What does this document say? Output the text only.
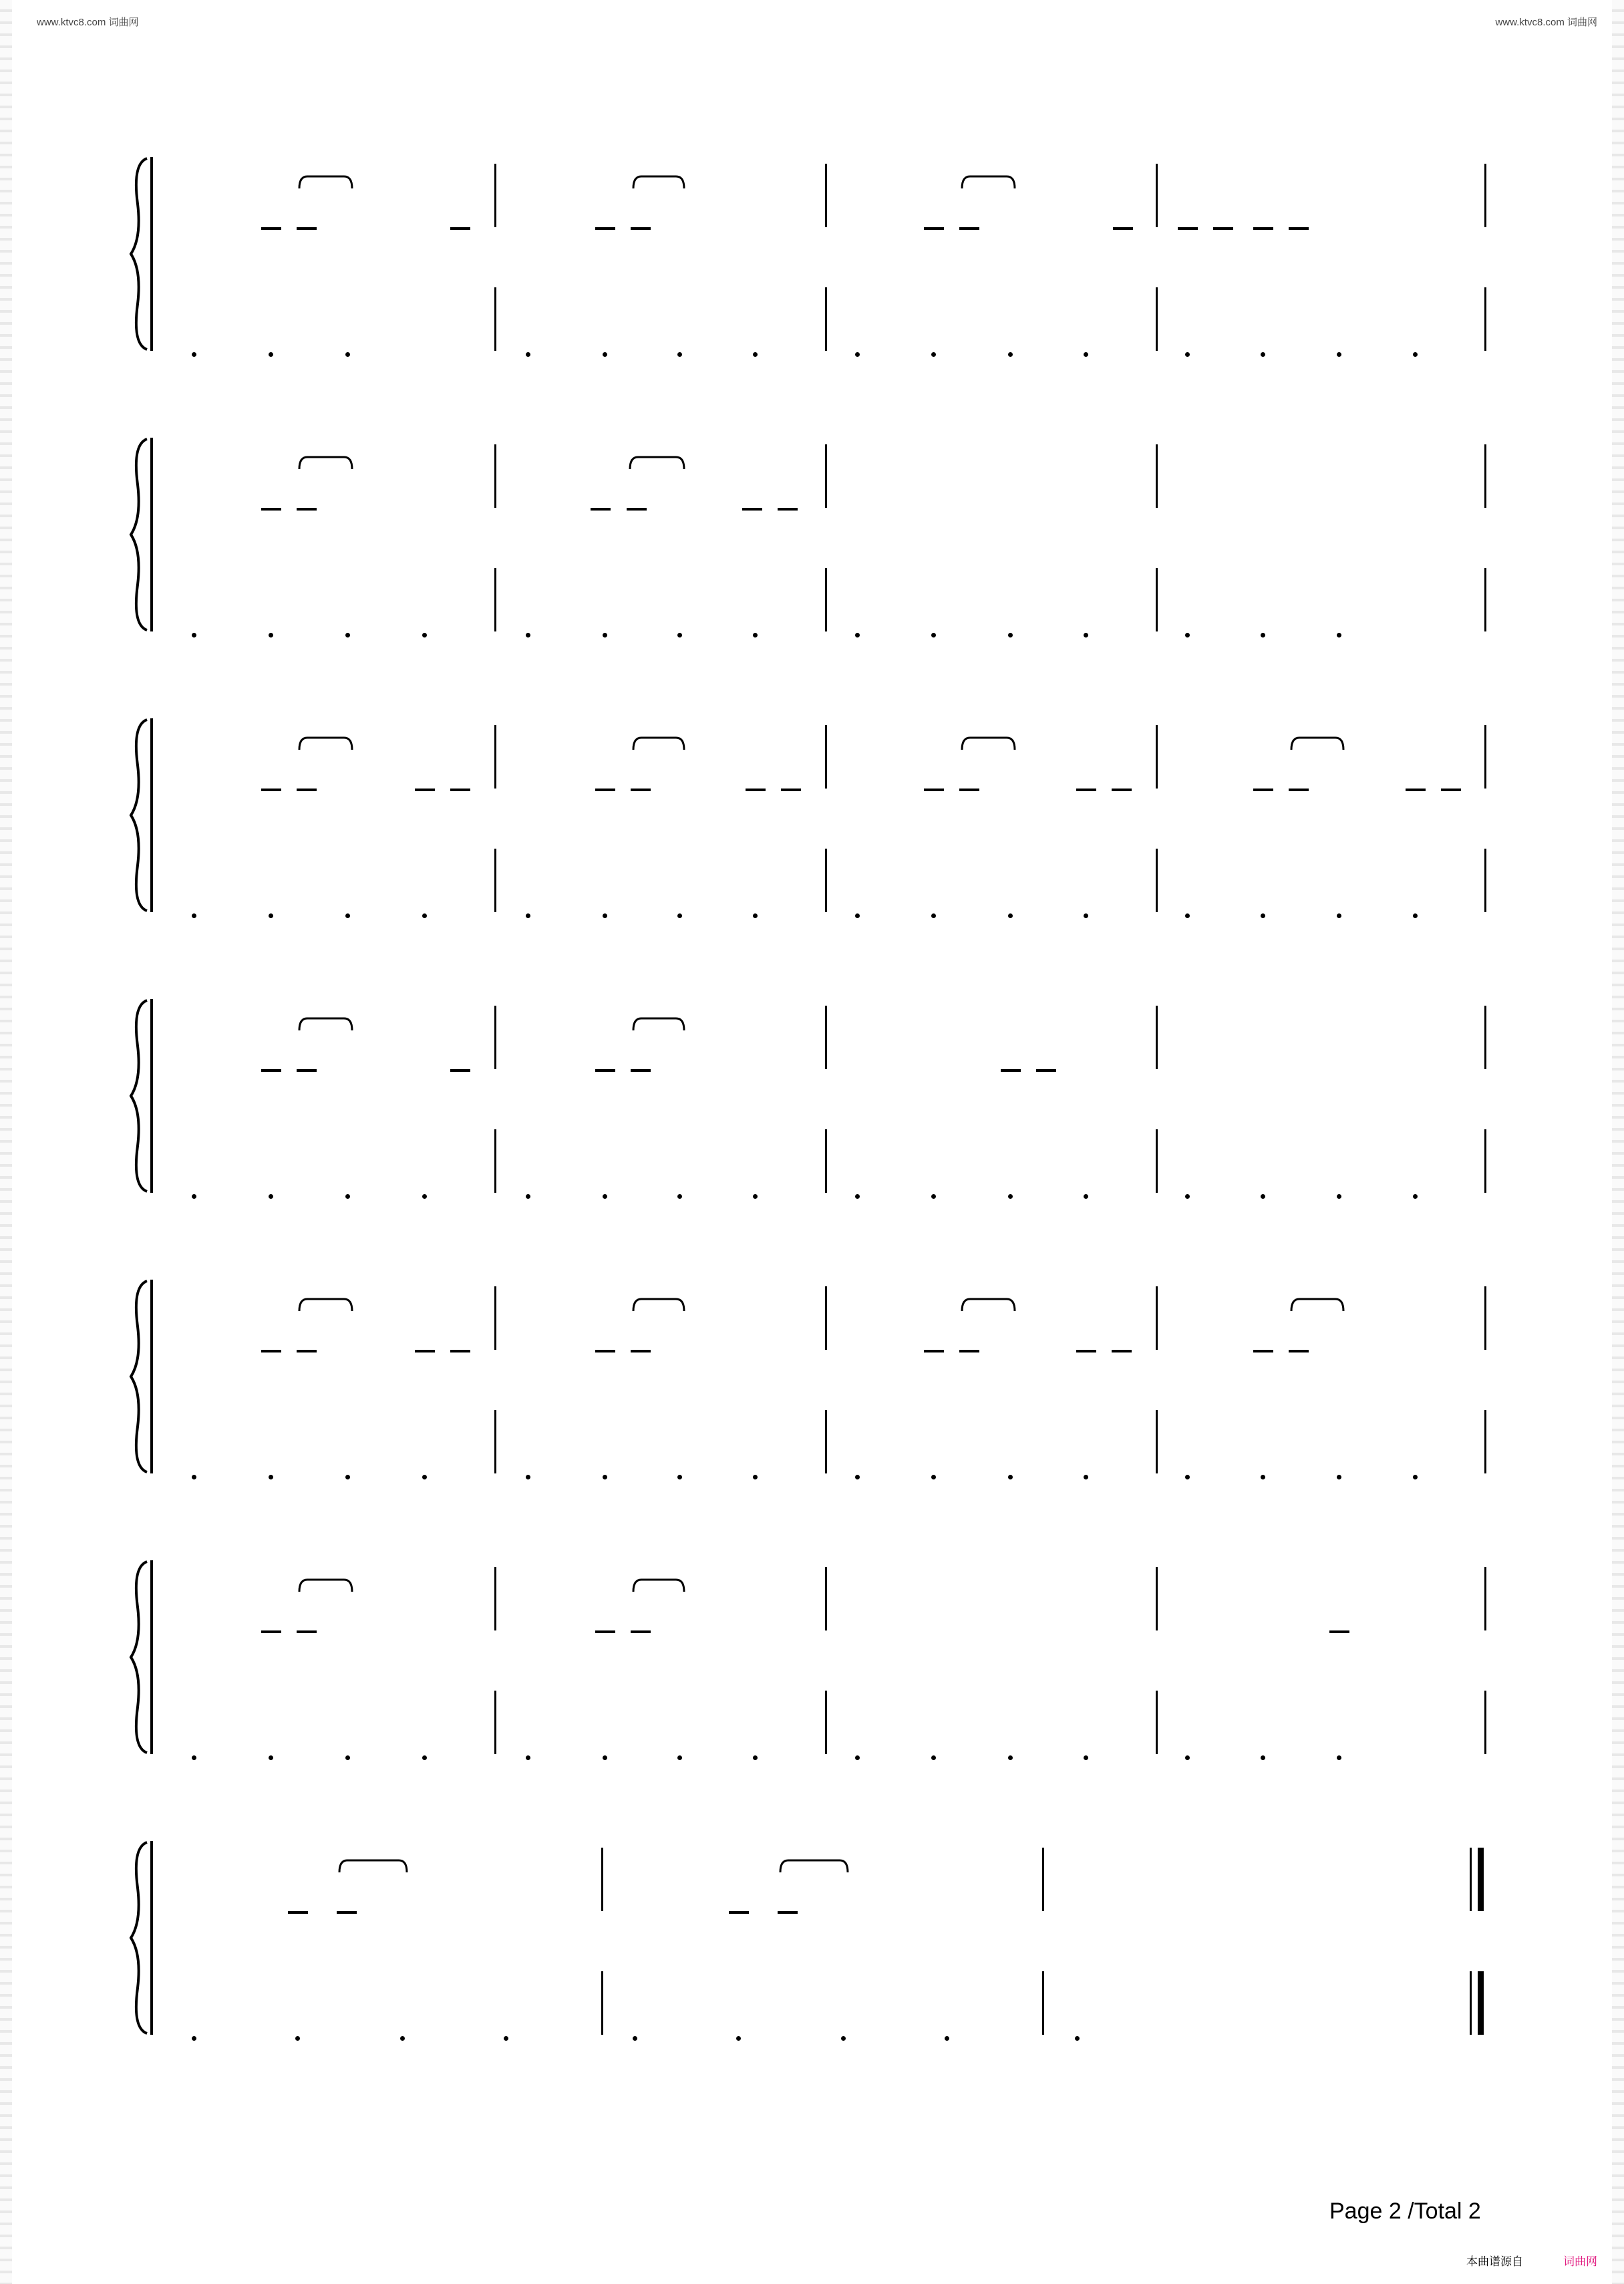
www.ktvc8.com 词曲网	www.ktvc8.com 词曲网
Page 2 /Total 2
本曲谱源自	词曲网
